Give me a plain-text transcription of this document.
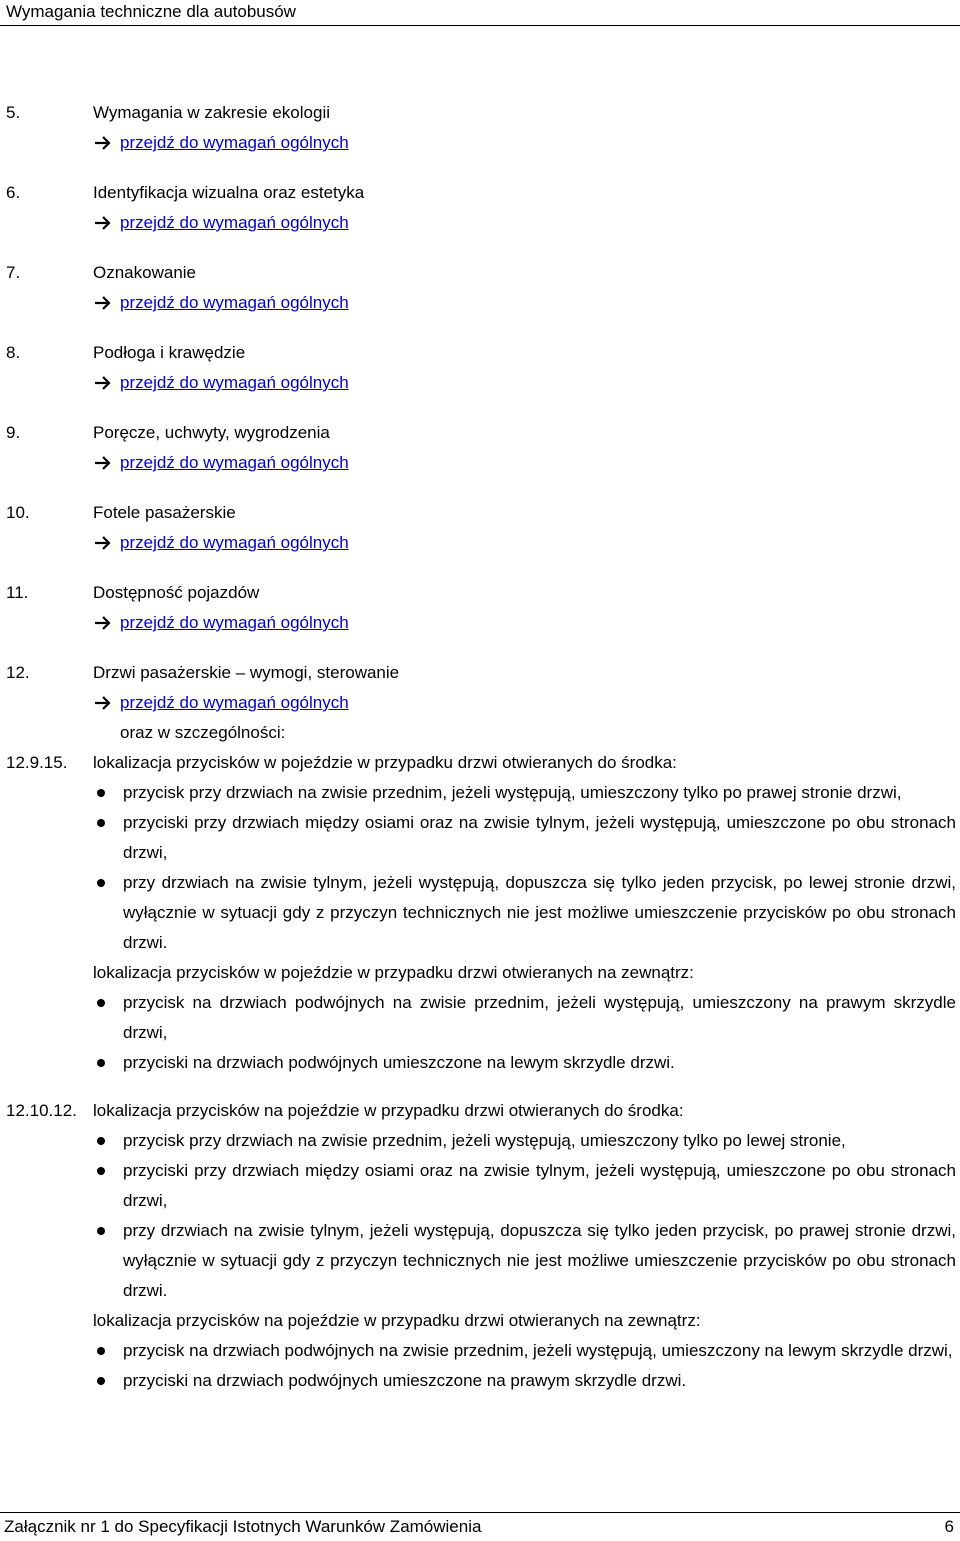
Wymagania techniczne dla autobusów
5.	Wymagania w zakresie ekologii
przejdź do wymagań ogólnych
6.	Identyfikacja wizualna oraz estetyka
przejdź do wymagań ogólnych
7.	Oznakowanie
przejdź do wymagań ogólnych
8.	Podłoga i krawędzie
przejdź do wymagań ogólnych
9.	Poręcze, uchwyty, wygrodzenia
przejdź do wymagań ogólnych
10.	Fotele pasażerskie
przejdź do wymagań ogólnych
11.	Dostępność pojazdów
przejdź do wymagań ogólnych
12.	Drzwi pasażerskie – wymogi, sterowanie
przejdź do wymagań ogólnych
oraz w szczególności:
12.9.15.	lokalizacja przycisków w pojeździe w przypadku drzwi otwieranych do środka:
przycisk przy drzwiach na zwisie przednim, jeżeli występują, umieszczony tylko po prawej stronie drzwi,
przyciski przy drzwiach między osiami oraz na zwisie tylnym, jeżeli występują, umieszczone po obu stronach drzwi,
przy drzwiach na zwisie tylnym, jeżeli występują, dopuszcza się tylko jeden przycisk, po lewej stronie drzwi, wyłącznie w sytuacji gdy z przyczyn technicznych nie jest możliwe umieszczenie przycisków po obu stronach drzwi.
lokalizacja przycisków w pojeździe w przypadku drzwi otwieranych na zewnątrz:
przycisk na drzwiach podwójnych na zwisie przednim, jeżeli występują, umieszczony na prawym skrzydle drzwi,
przyciski na drzwiach podwójnych umieszczone na lewym skrzydle drzwi.
12.10.12. lokalizacja przycisków na pojeździe w przypadku drzwi otwieranych do środka:
przycisk przy drzwiach na zwisie przednim, jeżeli występują, umieszczony tylko po lewej stronie,
przyciski przy drzwiach między osiami oraz na zwisie tylnym, jeżeli występują, umieszczone po obu stronach drzwi,
przy drzwiach na zwisie tylnym, jeżeli występują, dopuszcza się tylko jeden przycisk, po prawej stronie drzwi, wyłącznie w sytuacji gdy z przyczyn technicznych nie jest możliwe umieszczenie przycisków po obu stronach drzwi.
lokalizacja przycisków na pojeździe w przypadku drzwi otwieranych na zewnątrz:
przycisk na drzwiach podwójnych na zwisie przednim, jeżeli występują, umieszczony na lewym skrzydle drzwi,
przyciski na drzwiach podwójnych umieszczone na prawym skrzydle drzwi.
Załącznik nr 1 do Specyfikacji Istotnych Warunków Zamówienia	6
